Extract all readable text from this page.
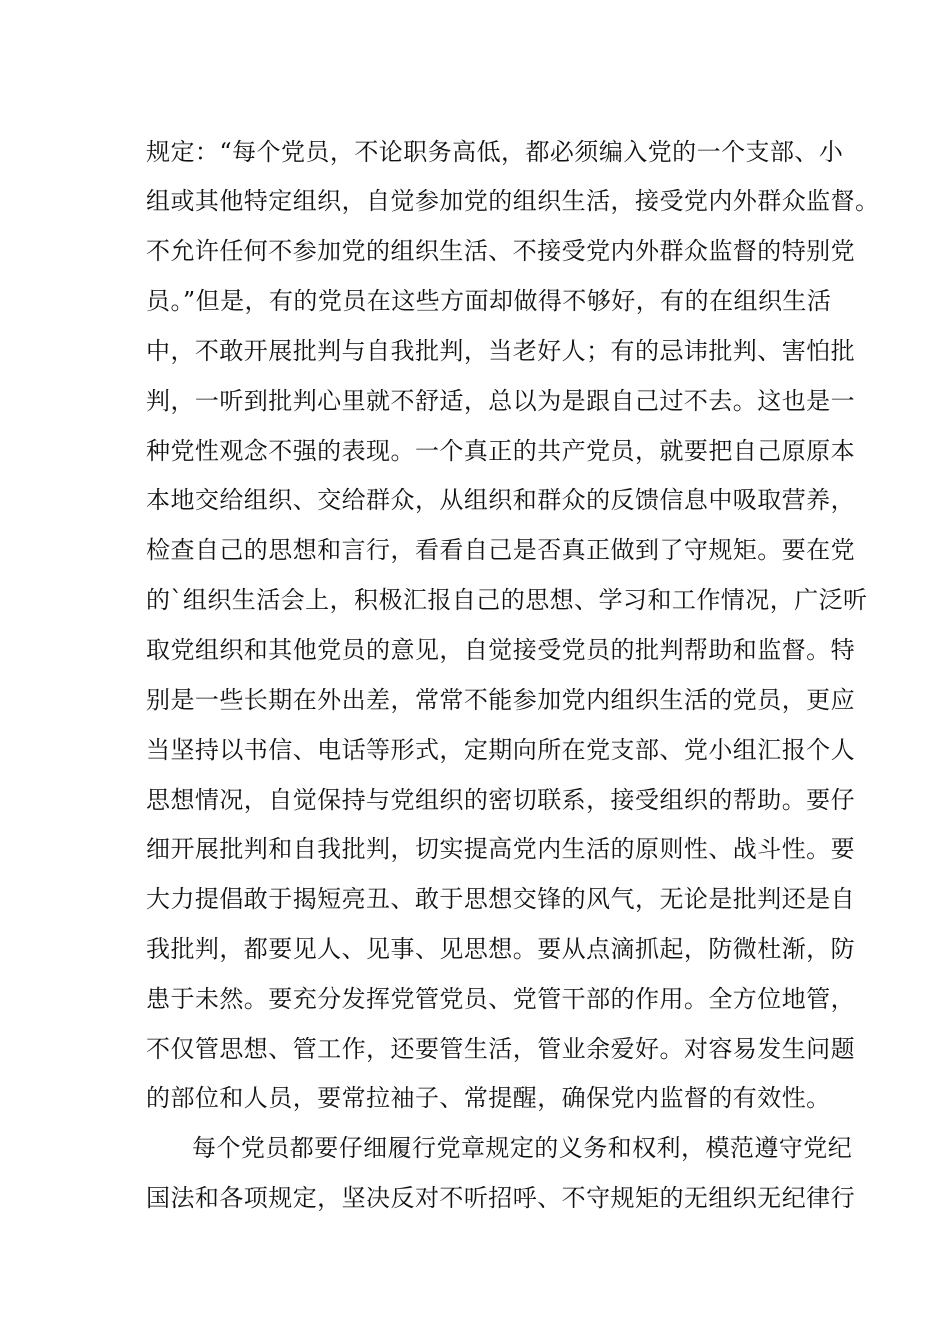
规定：“每个党员，不论职务高低，都必须编入党的一个支部、小

组或其他特定组织，自觉参加党的组织生活，接受党内外群众监督。

不允许任何不参加党的组织生活、不接受党内外群众监督的特别党

员。”但是，有的党员在这些方面却做得不够好，有的在组织生活

中，不敢开展批判与自我批判，当老好人；有的忌讳批判、害怕批

判，一听到批判心里就不舒适，总以为是跟自己过不去。这也是一

种党性观念不强的表现。一个真正的共产党员，就要把自己原原本

本地交给组织、交给群众，从组织和群众的反馈信息中吸取营养，

检查自己的思想和言行，看看自己是否真正做到了守规矩。要在党

的`组织生活会上，积极汇报自己的思想、学习和工作情况，广泛听

取党组织和其他党员的意见，自觉接受党员的批判帮助和监督。特

别是一些长期在外出差，常常不能参加党内组织生活的党员，更应

当坚持以书信、电话等形式，定期向所在党支部、党小组汇报个人

思想情况，自觉保持与党组织的密切联系，接受组织的帮助。要仔

细开展批判和自我批判，切实提高党内生活的原则性、战斗性。要

大力提倡敢于揭短亮丑、敢于思想交锋的风气，无论是批判还是自

我批判，都要见人、见事、见思想。要从点滴抓起，防微杜渐，防

患于未然。要充分发挥党管党员、党管干部的作用。全方位地管，

不仅管思想、管工作，还要管生活，管业余爱好。对容易发生问题

的部位和人员，要常拉袖子、常提醒，确保党内监督的有效性。

每个党员都要仔细履行党章规定的义务和权利，模范遵守党纪

国法和各项规定，坚决反对不听招呼、不守规矩的无组织无纪律行
